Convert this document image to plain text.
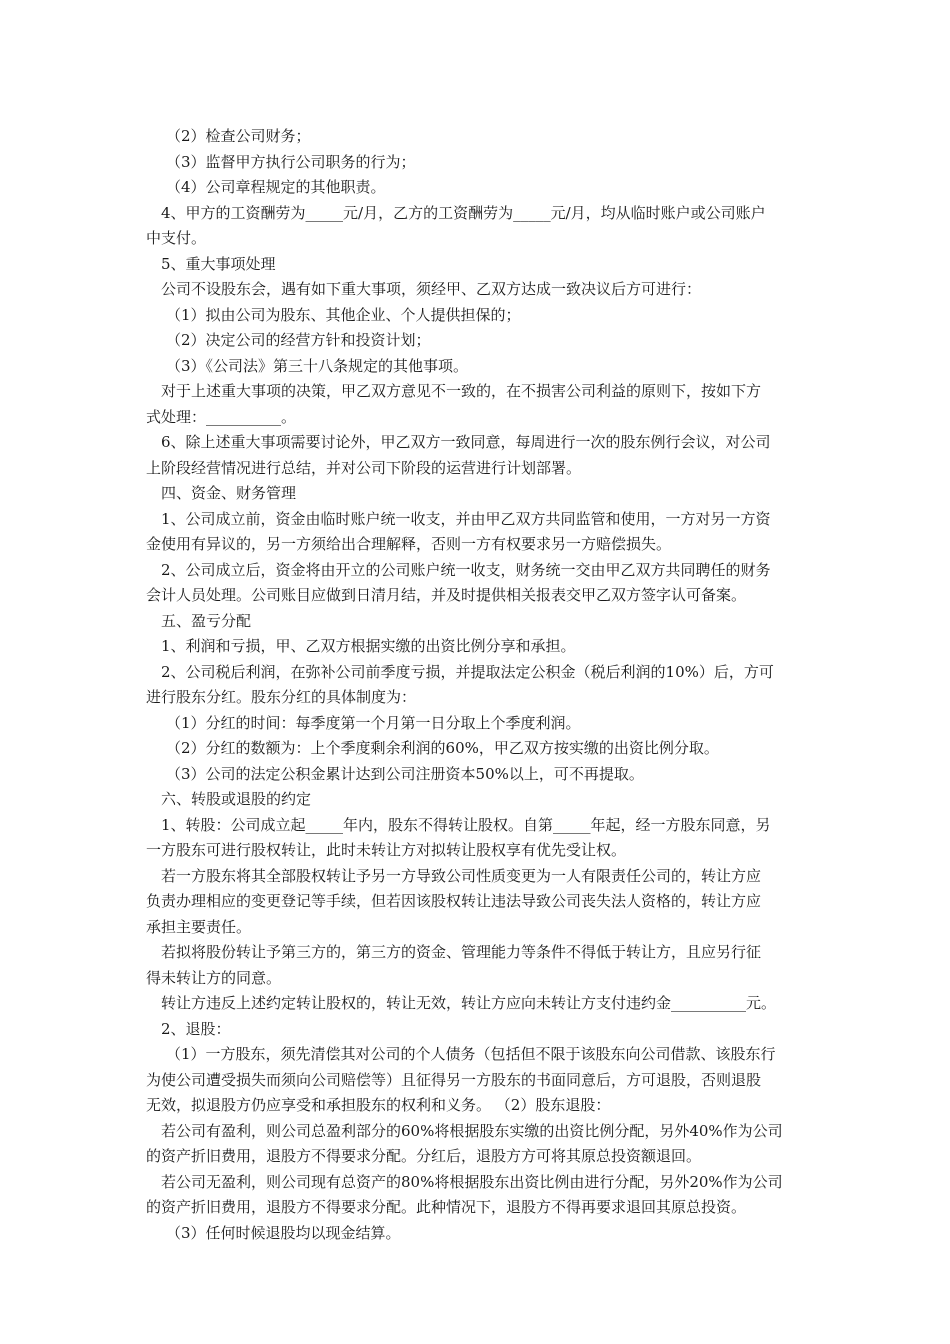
（2）检查公司财务；
（3）监督甲方执行公司职务的行为；
（4）公司章程规定的其他职责。
4、甲方的工资酬劳为_____元/月，乙方的工资酬劳为_____元/月，均从临时账户或公司账户
中支付。
5、重大事项处理
公司不设股东会，遇有如下重大事项，须经甲、乙双方达成一致决议后方可进行：
（1）拟由公司为股东、其他企业、个人提供担保的；
（2）决定公司的经营方针和投资计划；
（3）《公司法》第三十八条规定的其他事项。
对于上述重大事项的决策，甲乙双方意见不一致的，在不损害公司利益的原则下，按如下方
式处理：__________。
6、除上述重大事项需要讨论外，甲乙双方一致同意，每周进行一次的股东例行会议，对公司
上阶段经营情况进行总结，并对公司下阶段的运营进行计划部署。
四、资金、财务管理
1、公司成立前，资金由临时账户统一收支，并由甲乙双方共同监管和使用，一方对另一方资
金使用有异议的，另一方须给出合理解释，否则一方有权要求另一方赔偿损失。
2、公司成立后，资金将由开立的公司账户统一收支，财务统一交由甲乙双方共同聘任的财务
会计人员处理。公司账目应做到日清月结，并及时提供相关报表交甲乙双方签字认可备案。
五、盈亏分配
1、利润和亏损，甲、乙双方根据实缴的出资比例分享和承担。
2、公司税后利润，在弥补公司前季度亏损，并提取法定公积金（税后利润的10%）后，方可
进行股东分红。股东分红的具体制度为：
（1）分红的时间：每季度第一个月第一日分取上个季度利润。
（2）分红的数额为：上个季度剩余利润的60%，甲乙双方按实缴的出资比例分取。
（3）公司的法定公积金累计达到公司注册资本50%以上，可不再提取。
六、转股或退股的约定
1、转股：公司成立起_____年内，股东不得转让股权。自第_____年起，经一方股东同意，另
一方股东可进行股权转让，此时未转让方对拟转让股权享有优先受让权。
若一方股东将其全部股权转让予另一方导致公司性质变更为一人有限责任公司的，转让方应
负责办理相应的变更登记等手续，但若因该股权转让违法导致公司丧失法人资格的，转让方应
承担主要责任。
若拟将股份转让予第三方的，第三方的资金、管理能力等条件不得低于转让方，且应另行征
得未转让方的同意。
转让方违反上述约定转让股权的，转让无效，转让方应向未转让方支付违约金__________元。
2、退股：
（1）一方股东，须先清偿其对公司的个人债务（包括但不限于该股东向公司借款、该股东行
为使公司遭受损失而须向公司赔偿等）且征得另一方股东的书面同意后，方可退股，否则退股
无效，拟退股方仍应享受和承担股东的权利和义务。 （2）股东退股：
若公司有盈利，则公司总盈利部分的60%将根据股东实缴的出资比例分配，另外40%作为公司
的资产折旧费用，退股方不得要求分配。分红后，退股方方可将其原总投资额退回。
若公司无盈利，则公司现有总资产的80%将根据股东出资比例由进行分配，另外20%作为公司
的资产折旧费用，退股方不得要求分配。此种情况下，退股方不得再要求退回其原总投资。
（3）任何时候退股均以现金结算。
